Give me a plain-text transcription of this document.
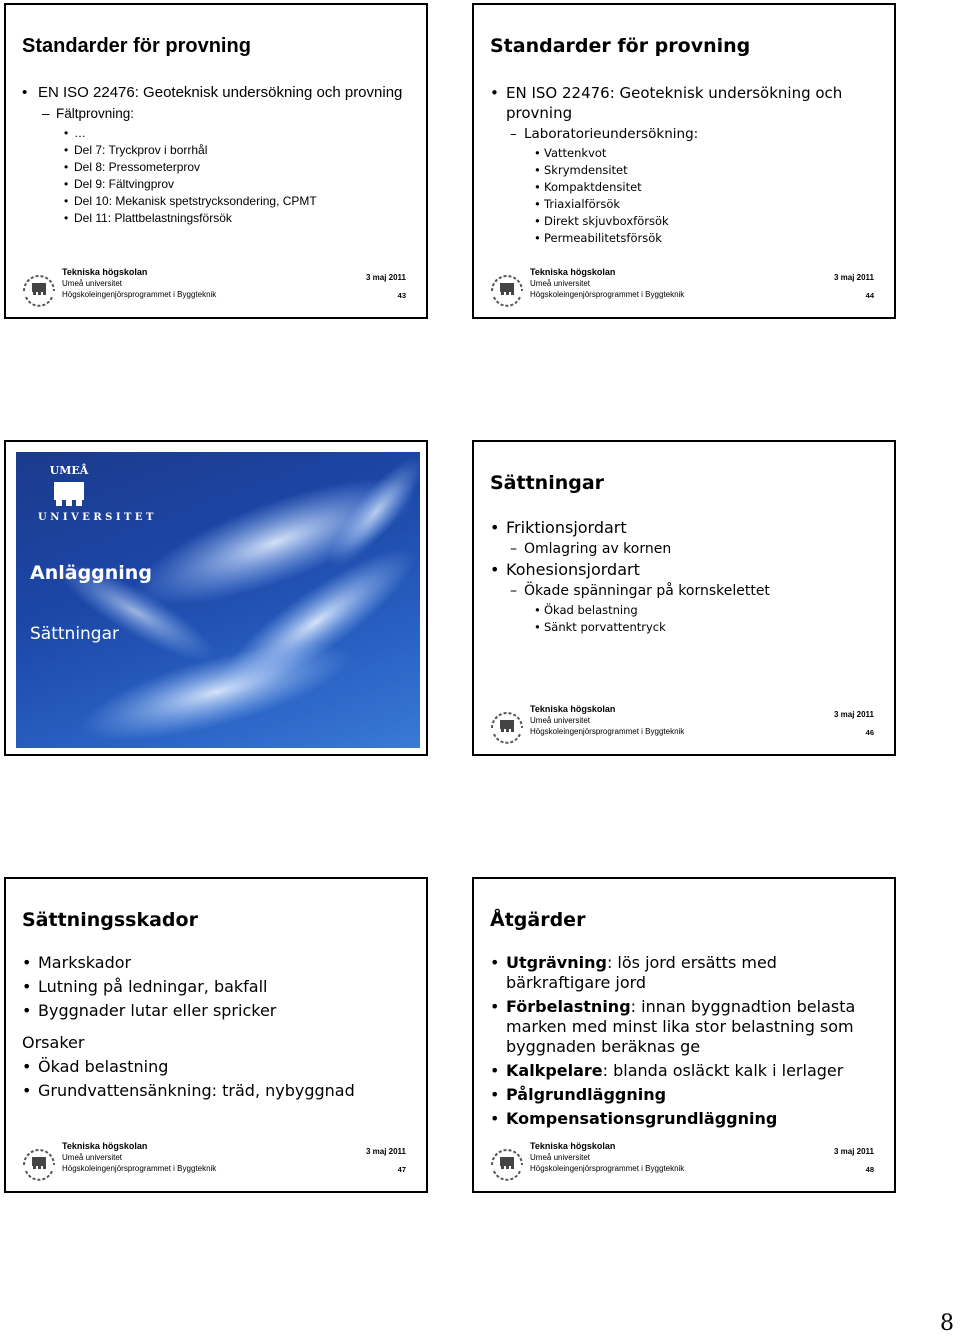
Standarder för provning

• EN ISO 22476: Geoteknisk undersökning och provning

– Fältprovning:

• …

• Del 7: Tryckprov i borrhål

• Del 8: Pressometerprov

• Del 9: Fältvingprov

• Del 10: Mekanisk spetstrycksondering, CPMT

• Del 11: Plattbelastningsförsök

Tekniska högskolan
Umeå universitet
Högskoleingenjörsprogrammet i Byggteknik
3 maj 2011
43
Standarder för provning

• EN ISO 22476: Geoteknisk undersökning och provning

– Laboratorieundersökning:

• Vattenkvot

• Skrymdensitet

• Kompaktdensitet

• Triaxialförsök

• Direkt skjuvboxförsök

• Permeabilitetsförsök

Tekniska högskolan
Umeå universitet
Högskoleingenjörsprogrammet i Byggteknik
3 maj 2011
44
UMEÅ
U N I V E R S I T E T
Anläggning
Sättningar
Sättningar

• Friktionsjordart

– Omlagring av kornen

• Kohesionsjordart

– Ökade spänningar på kornskelettet

• Ökad belastning

• Sänkt porvattentryck

Tekniska högskolan
Umeå universitet
Högskoleingenjörsprogrammet i Byggteknik
3 maj 2011
46
Sättningsskador

• Markskador

• Lutning på ledningar, bakfall

• Byggnader lutar eller spricker

Orsaker

• Ökad belastning

• Grundvattensänkning: träd, nybyggnad

Tekniska högskolan
Umeå universitet
Högskoleingenjörsprogrammet i Byggteknik
3 maj 2011
47
Åtgärder

• Utgrävning: lös jord ersätts med bärkraftigare jord

• Förbelastning: innan byggnadtion belasta marken med minst lika stor belastning som byggnaden beräknas ge

• Kalkpelare: blanda osläckt kalk i lerlager

• Pålgrundläggning

• Kompensationsgrundläggning

Tekniska högskolan
Umeå universitet
Högskoleingenjörsprogrammet i Byggteknik
3 maj 2011
48
8
